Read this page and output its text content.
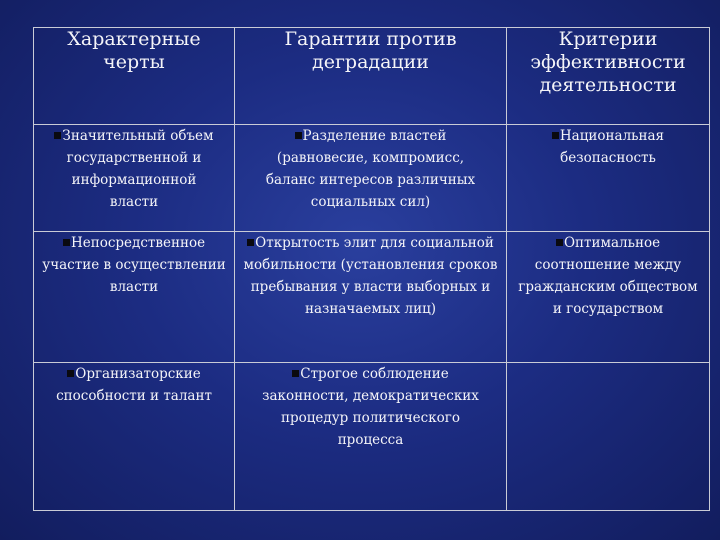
Характерные черты	Гарантии против деградации	Критерии эффективности деятельности

Значительный объем государственной и информационной власти	Разделение властей (равновесие, компромисс, баланс интересов различных социальных сил)	Национальная безопасность

Непосредственное участие в осуществлении власти	Открытость элит для социальной мобильности (установления сроков пребывания у власти выборных и назначаемых лиц)	Оптимальное соотношение между гражданским обществом и государством

Организаторские способности и талант	Строгое соблюдение законности, демократических процедур политического процесса	
